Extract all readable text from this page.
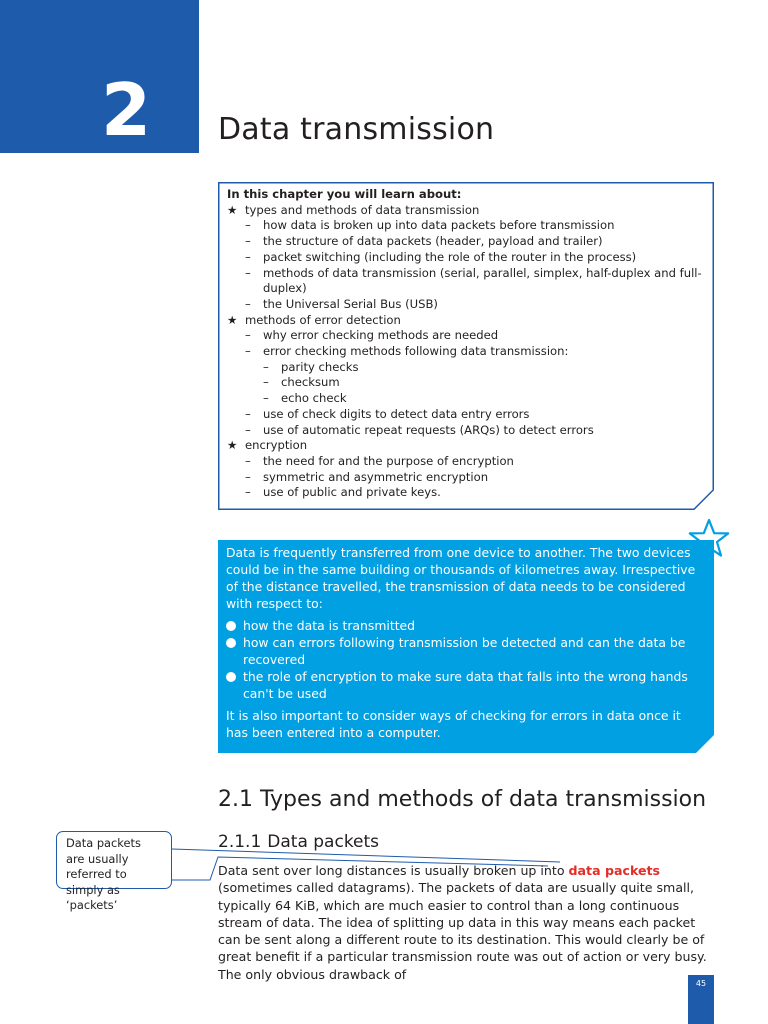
2	Data transmission
In this chapter you will learn about:
★ types and methods of data transmission
– how data is broken up into data packets before transmission
– the structure of data packets (header, payload and trailer)
– packet switching (including the role of the router in the process)
– methods of data transmission (serial, parallel, simplex, half-duplex and full-duplex)
– the Universal Serial Bus (USB)
★ methods of error detection
– why error checking methods are needed
– error checking methods following data transmission:
– parity checks
– checksum
– echo check
– use of check digits to detect data entry errors
– use of automatic repeat requests (ARQs) to detect errors
★ encryption
– the need for and the purpose of encryption
– symmetric and asymmetric encryption
– use of public and private keys.

Data is frequently transferred from one device to another. The two devices could be in the same building or thousands of kilometres away. Irrespective of the distance travelled, the transmission of data needs to be considered with respect to:

how the data is transmitted
how can errors following transmission be detected and can the data be recovered
the role of encryption to make sure data that falls into the wrong hands can't be used

It is also important to consider ways of checking for errors in data once it has been entered into a computer.

2.1 Types and methods of data transmission
2.1.1 Data packets
Data packets are usually referred to simply as ‘packets’

Data sent over long distances is usually broken up into data packets (sometimes called datagrams). The packets of data are usually quite small, typically 64 KiB, which are much easier to control than a long continuous stream of data. The idea of splitting up data in this way means each packet can be sent along a different route to its destination. This would clearly be of great benefit if a particular transmission route was out of action or very busy. The only obvious drawback of

45
